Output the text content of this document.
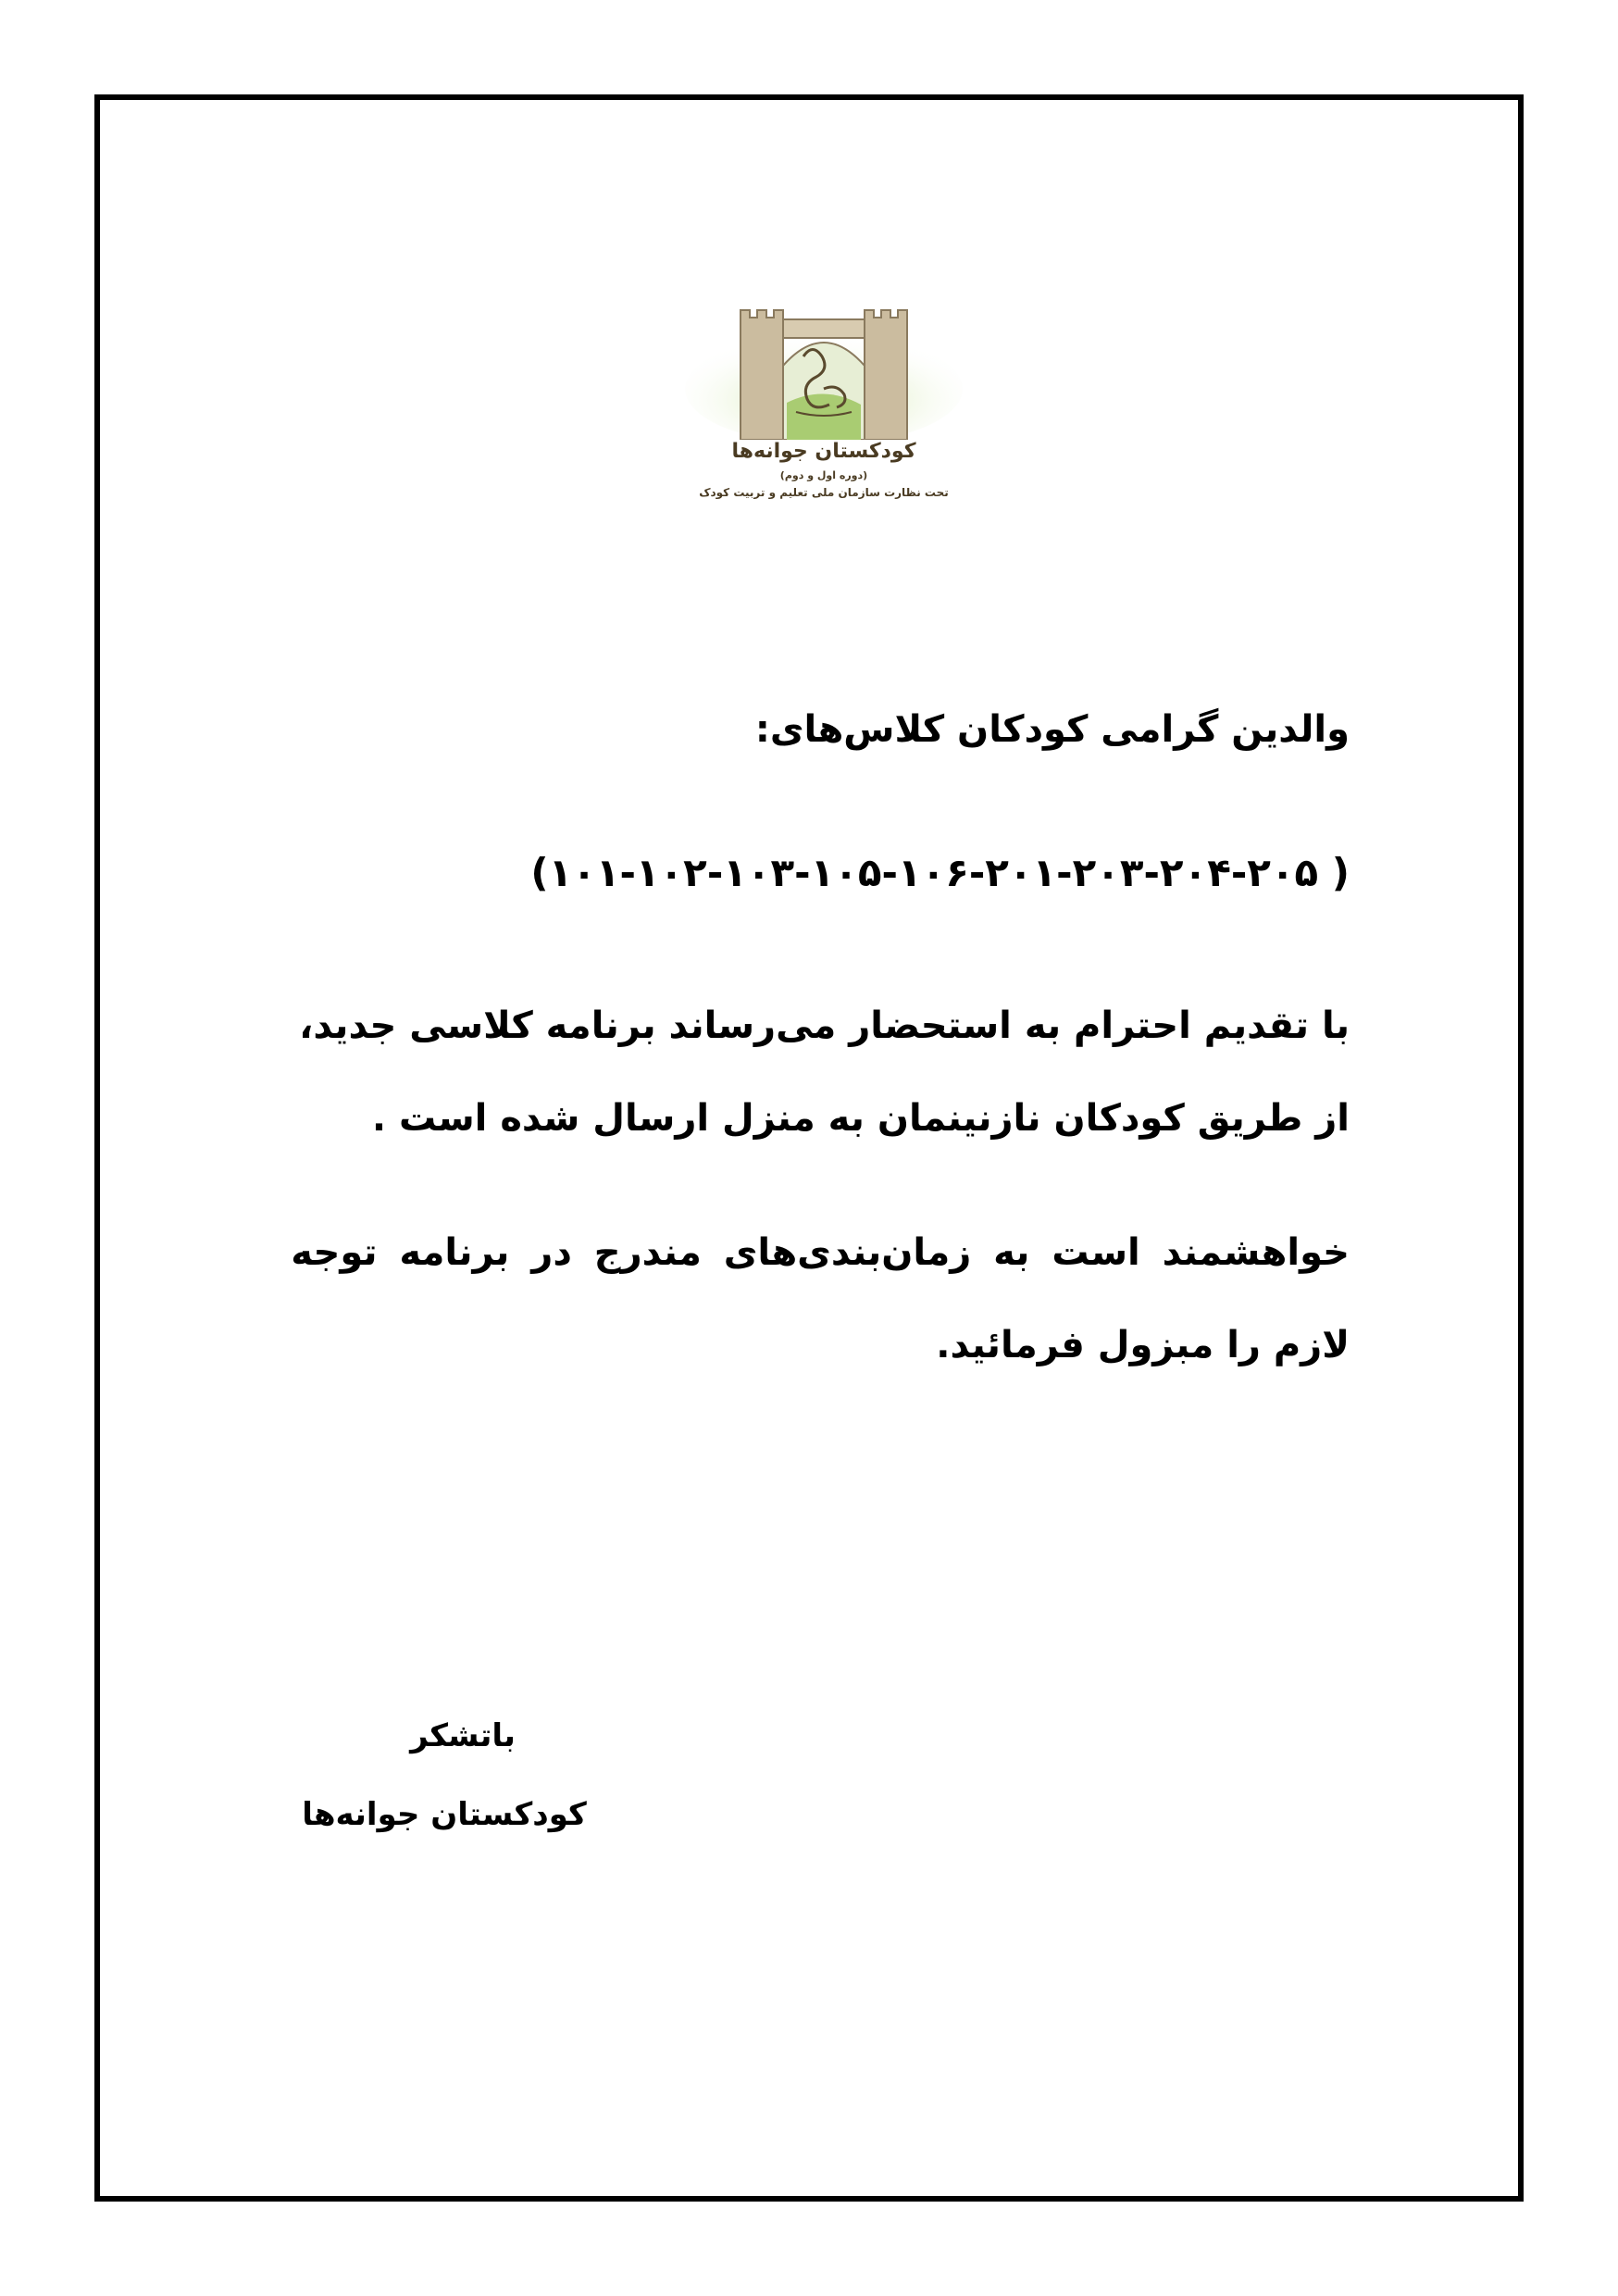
کودکستان جوانه‌ها
(دوره اول و دوم)
تحت نظارت سازمان ملی تعلیم و تربیت کودک
والدین گرامی کودکان کلاس‌های:
( ۱۰۱-۱۰۲-۱۰۳-۱۰۵-۱۰۶-۲۰۱-۲۰۳-۲۰۴-۲۰۵)
با تقدیم احترام به استحضار می‌رساند برنامه کلاسی جدید،
از طریق کودکان نازنینمان به منزل ارسال شده است .
خواهشمند است به زمان‌بندی‌های مندرج در برنامه توجه
لازم را مبزول فرمائید.
باتشکر
کودکستان جوانه‌ها
